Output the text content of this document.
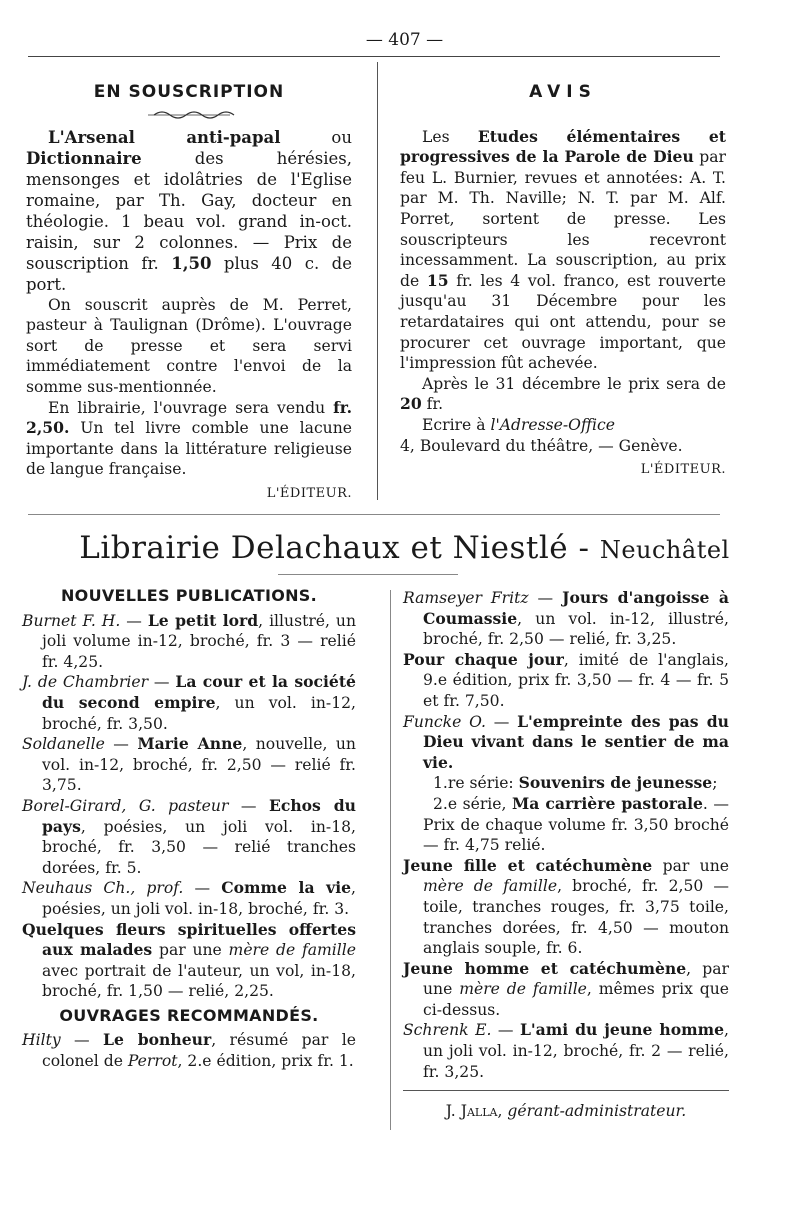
— 407 —
EN SOUSCRIPTION

L'Arsenal anti-papal ou Dictionnaire des hérésies, mensonges et idolâtries de l'Eglise romaine, par Th. Gay, docteur en théologie. 1 beau vol. grand in-oct. raisin, sur 2 colonnes. — Prix de souscription fr. 1,50 plus 40 c. de port.

On souscrit auprès de M. Perret, pasteur à Taulignan (Drôme). L'ouvrage sort de presse et sera servi immédiatement contre l'envoi de la somme sus-mentionnée.

En librairie, l'ouvrage sera vendu fr. 2,50. Un tel livre comble une lacune importante dans la littérature religieuse de langue française.

L'ÉDITEUR.
AVIS

Les Etudes élémentaires et progressives de la Parole de Dieu par feu L. Burnier, revues et annotées: A. T. par M. Th. Naville; N. T. par M. Alf. Porret, sortent de presse. Les souscripteurs les recevront incessamment. La souscription, au prix de 15 fr. les 4 vol. franco, est rouverte jusqu'au 31 Décembre pour les retardataires qui ont attendu, pour se procurer cet ouvrage important, que l'impression fût achevée.

Après le 31 décembre le prix sera de 20 fr.

Ecrire à l'Adresse-Office

4, Boulevard du théâtre, — Genève.

L'ÉDITEUR.
Librairie Delachaux et Niestlé - Neuchâtel
NOUVELLES PUBLICATIONS.

Burnet F. H. — Le petit lord, illustré, un joli volume in-12, broché, fr. 3 — relié fr. 4,25.

J. de Chambrier — La cour et la société du second empire, un vol. in-12, broché, fr. 3,50.

Soldanelle — Marie Anne, nouvelle, un vol. in-12, broché, fr. 2,50 — relié fr. 3,75.

Borel-Girard, G. pasteur — Echos du pays, poésies, un joli vol. in-18, broché, fr. 3,50 — relié tranches dorées, fr. 5.

Neuhaus Ch., prof. — Comme la vie, poésies, un joli vol. in-18, broché, fr. 3.

Quelques fleurs spirituelles offertes aux malades par une mère de famille avec portrait de l'auteur, un vol, in-18, broché, fr. 1,50 — relié, 2,25.

OUVRAGES RECOMMANDÉS.

Hilty — Le bonheur, résumé par le colonel de Perrot, 2.e édition, prix fr. 1.

Ramseyer Fritz — Jours d'angoisse à Coumassie, un vol. in-12, illustré, broché, fr. 2,50 — relié, fr. 3,25.

Pour chaque jour, imité de l'anglais, 9.e édition, prix fr. 3,50 — fr. 4 — fr. 5 et fr. 7,50.

Funcke O. — L'empreinte des pas du Dieu vivant dans le sentier de ma vie.

1.re série: Souvenirs de jeunesse;

2.e série, Ma carrière pastorale. — Prix de chaque volume fr. 3,50 broché — fr. 4,75 relié.

Jeune fille et catéchumène par une mère de famille, broché, fr. 2,50 — toile, tranches rouges, fr. 3,75 toile, tranches dorées, fr. 4,50 — mouton anglais souple, fr. 6.

Jeune homme et catéchumène, par une mère de famille, mêmes prix que ci-dessus.

Schrenk E. — L'ami du jeune homme, un joli vol. in-12, broché, fr. 2 — relié, fr. 3,25.

J. Jalla, gérant-administrateur.
